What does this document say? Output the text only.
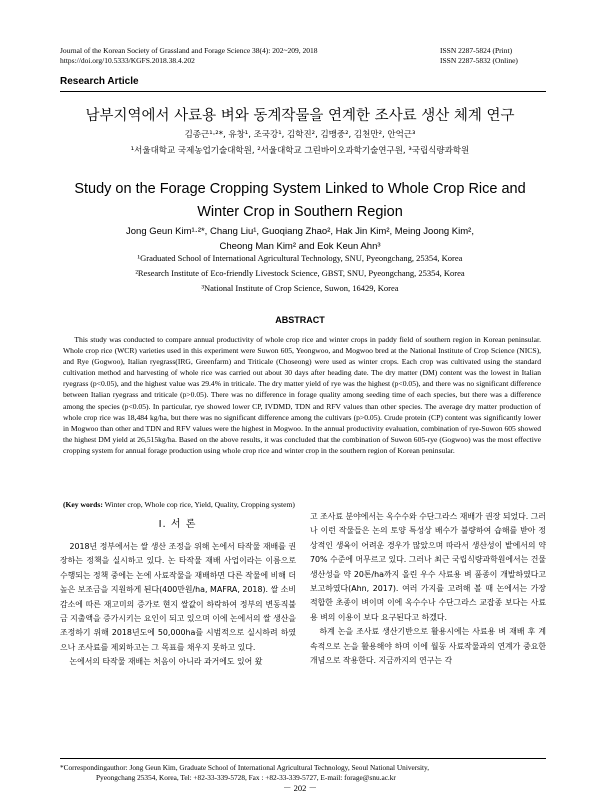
Journal of the Korean Society of Grassland and Forage Science 38(4): 202~209, 2018
https://doi.org/10.5333/KGFS.2018.38.4.202
ISSN 2287-5824 (Print)
ISSN 2287-5832 (Online)
Research Article
남부지역에서 사료용 벼와 동계작물을 연계한 조사료 생산 체계 연구
김종근¹·²*, 유창¹, 조국강¹, 김학진², 김맹중², 김천만², 안억근³
¹서울대학교 국제농업기술대학원, ²서울대학교 그린바이오과학기술연구원, ³국립식량과학원
Study on the Forage Cropping System Linked to Whole Crop Rice and Winter Crop in Southern Region
Jong Geun Kim¹·²*, Chang Liu¹, Guoqiang Zhao², Hak Jin Kim², Meing Joong Kim², Cheong Man Kim² and Eok Keun Ahn³
¹Graduated School of International Agricultural Technology, SNU, Pyeongchang, 25354, Korea
²Research Institute of Eco-friendly Livestock Science, GBST, SNU, Pyeongchang, 25354, Korea
³National Institute of Crop Science, Suwon, 16429, Korea
ABSTRACT

This study was conducted to compare annual productivity of whole crop rice and winter crops in paddy field of southern region in Korean peninsular. Whole crop rice (WCR) varieties used in this experiment were Suwon 605, Yeongwoo, and Mogwoo bred at the National Institute of Crop Science (NICS), and Rye (Gogwoo), Italian ryegrass(IRG, Greenfarm) and Triticale (Choseong) were used as winter crops. Each crop was cultivated using the standard cultivation method and harvesting of whole rice was carried out about 30 days after heading date. The dry matter (DM) content was the lowest in Italian ryegrass (p<0.05), and the highest value was 29.4% in triticale. The dry matter yield of rye was the highest (p<0.05), and there was no significant difference between Italian ryegrass and triticale (p>0.05). There was no difference in forage quality among seeding time of each species, but there was a difference among the species (p<0.05). In particular, rye showed lower CP, IVDMD, TDN and RFV values than other species. The average dry matter production of whole crop rice was 18,484 kg/ha, but there was no significant difference among the cultivars (p>0.05). Crude protein (CP) content was significantly lower in Mogwoo than other and TDN and RFV values were the highest in Mogwoo. In the annual productivity evaluation, combination of rye-Suwon 605 showed the highest DM yield at 26,515kg/ha. Based on the above results, it was concluded that the combination of Suwon 605-rye (Gogwoo) was the most effective cropping system for annual forage production using whole crop rice and winter crop in the southern region of Korean peninsular.

(Key words: Winter crop, Whole cop rice, Yield, Quality, Cropping system)
Ⅰ. 서 론

2018년 정부에서는 쌀 생산 조정을 위해 논에서 타작물 재배를 권장하는 정책을 실시하고 있다. 논 타작물 재배 사업이라는 이름으로 수행되는 정책 중에는 논에 사료작물을 재배하면 다른 작물에 비해 더 높은 보조금을 지원하게 된다(400만원/ha, MAFRA, 2018). 쌀 소비 감소에 따른 재고미의 증가로 현지 쌀값이 하락하여 정부의 변동직불금 지출액을 증가시키는 요인이 되고 있으며 이에 논에서의 쌀 생산을 조정하기 위해 2018년도에 50,000ha를 시범적으로 실시하려 하였으나 조사료를 제외하고는 그 목표를 채우지 못하고 있다.

논에서의 타작물 재배는 처음이 아니라 과거에도 있어 왔

고 조사료 분야에서는 옥수수와 수단그라스 재배가 권장 되었다. 그러나 이런 작물들은 논의 토양 특성상 배수가 불량하여 습해를 받아 정상적인 생육이 어려운 경우가 많았으며 따라서 생산성이 밭에서의 약 70% 수준에 머무르고 있다. 그러나 최근 국립식량과학원에서는 건물 생산성을 약 20톤/ha까지 올린 우수 사료용 벼 품종이 개발하였다고 보고하였다(Ahn, 2017). 여러 가지를 고려해 볼 때 논에서는 가장 적합한 초종이 벼이며 이에 옥수수나 수단그라스 교잡종 보다는 사료용 벼의 이용이 보다 요구된다고 하겠다.

하계 논을 조사료 생산기반으로 활용시에는 사료용 벼 재배 후 계속적으로 논을 활용해야 하며 이에 월동 사료작물과의 연계가 중요한 개념으로 작용한다. 지금까지의 연구는 각

*Correspondingauthor: Jong Geun Kim, Graduate School of International Agricultural Technology, Seoul National University,
Pyeongchang 25354, Korea, Tel: +82-33-339-5728, Fax : +82-33-339-5727, E-mail: forage@snu.ac.kr
－ 202 －
